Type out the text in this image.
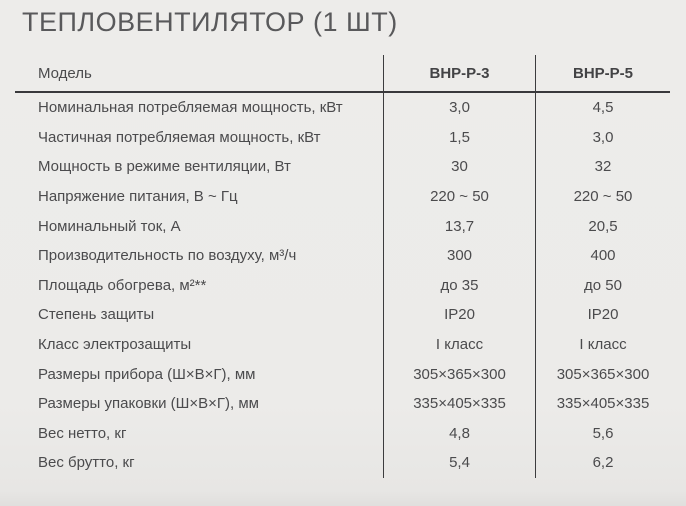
ТЕПЛОВЕНТИЛЯТОР (1 ШТ)
Модель	BHP-P-3	BHP-P-5
Номинальная потребляемая мощность, кВт	3,0	4,5
Частичная потребляемая мощность, кВт	1,5	3,0
Мощность в режиме вентиляции, Вт	30	32
Напряжение питания, В ~ Гц	220 ~ 50	220 ~ 50
Номинальный ток, А	13,7	20,5
Производительность по воздуху, м³/ч	300	400
Площадь обогрева, м²**	до 35	до 50
Степень защиты	IP20	IP20
Класс электрозащиты	I класс	I класс
Размеры прибора (Ш×В×Г), мм	305×365×300	305×365×300
Размеры упаковки (Ш×В×Г), мм	335×405×335	335×405×335
Вес нетто, кг	4,8	5,6
Вес брутто, кг	5,4	6,2
